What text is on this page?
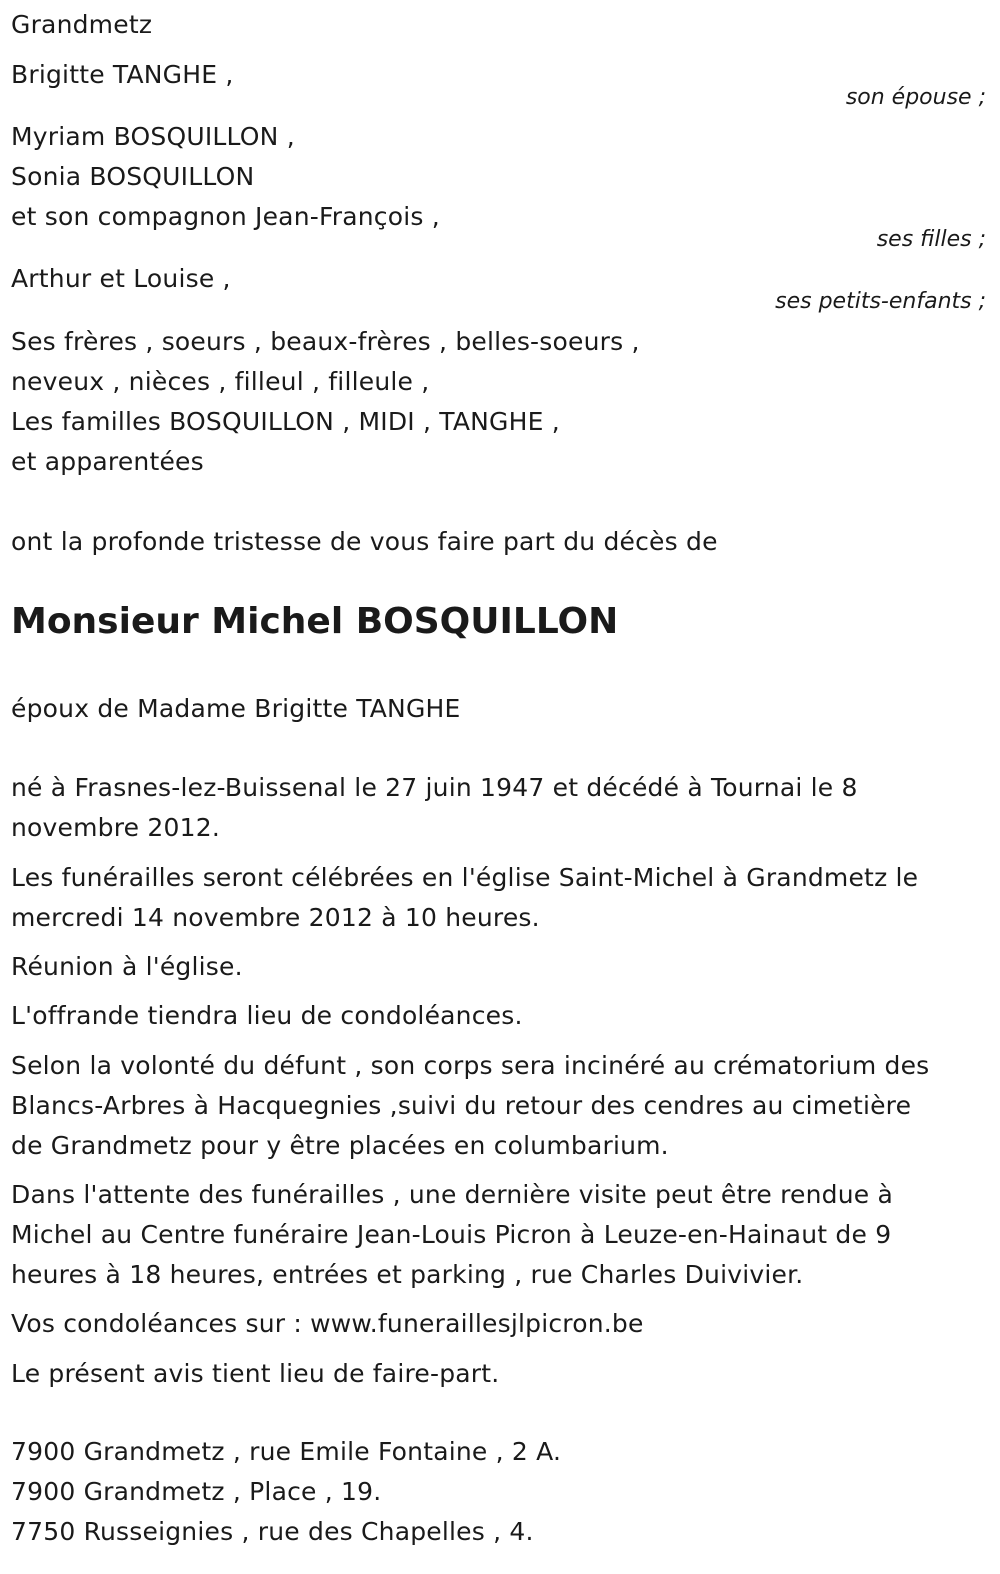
Grandmetz
Brigitte TANGHE ,
son épouse ;
Myriam BOSQUILLON ,
Sonia BOSQUILLON
et son compagnon Jean-François ,
ses filles ;
Arthur et Louise ,
ses petits-enfants ;
Ses frères , soeurs , beaux-frères , belles-soeurs ,
neveux , nièces , filleul , filleule ,
Les familles BOSQUILLON , MIDI , TANGHE ,
et apparentées
ont la profonde tristesse de vous faire part du décès de
Monsieur Michel BOSQUILLON
époux de Madame Brigitte TANGHE
né à Frasnes-lez-Buissenal le 27 juin 1947 et décédé à Tournai le 8
novembre 2012.
Les funérailles seront célébrées en l'église Saint-Michel à Grandmetz le
mercredi 14 novembre 2012 à 10 heures.
Réunion à l'église.
L'offrande tiendra lieu de condoléances.
Selon la volonté du défunt , son corps sera incinéré au crématorium des
Blancs-Arbres à Hacquegnies ,suivi du retour des cendres au cimetière
de Grandmetz pour y être placées en columbarium.
Dans l'attente des funérailles , une dernière visite peut être rendue à
Michel au Centre funéraire Jean-Louis Picron à Leuze-en-Hainaut de 9
heures à 18 heures, entrées et parking , rue Charles Duivivier.
Vos condoléances sur : www.funeraillesjlpicron.be
Le présent avis tient lieu de faire-part.
7900 Grandmetz , rue Emile Fontaine , 2 A.
7900 Grandmetz , Place , 19.
7750 Russeignies , rue des Chapelles , 4.
